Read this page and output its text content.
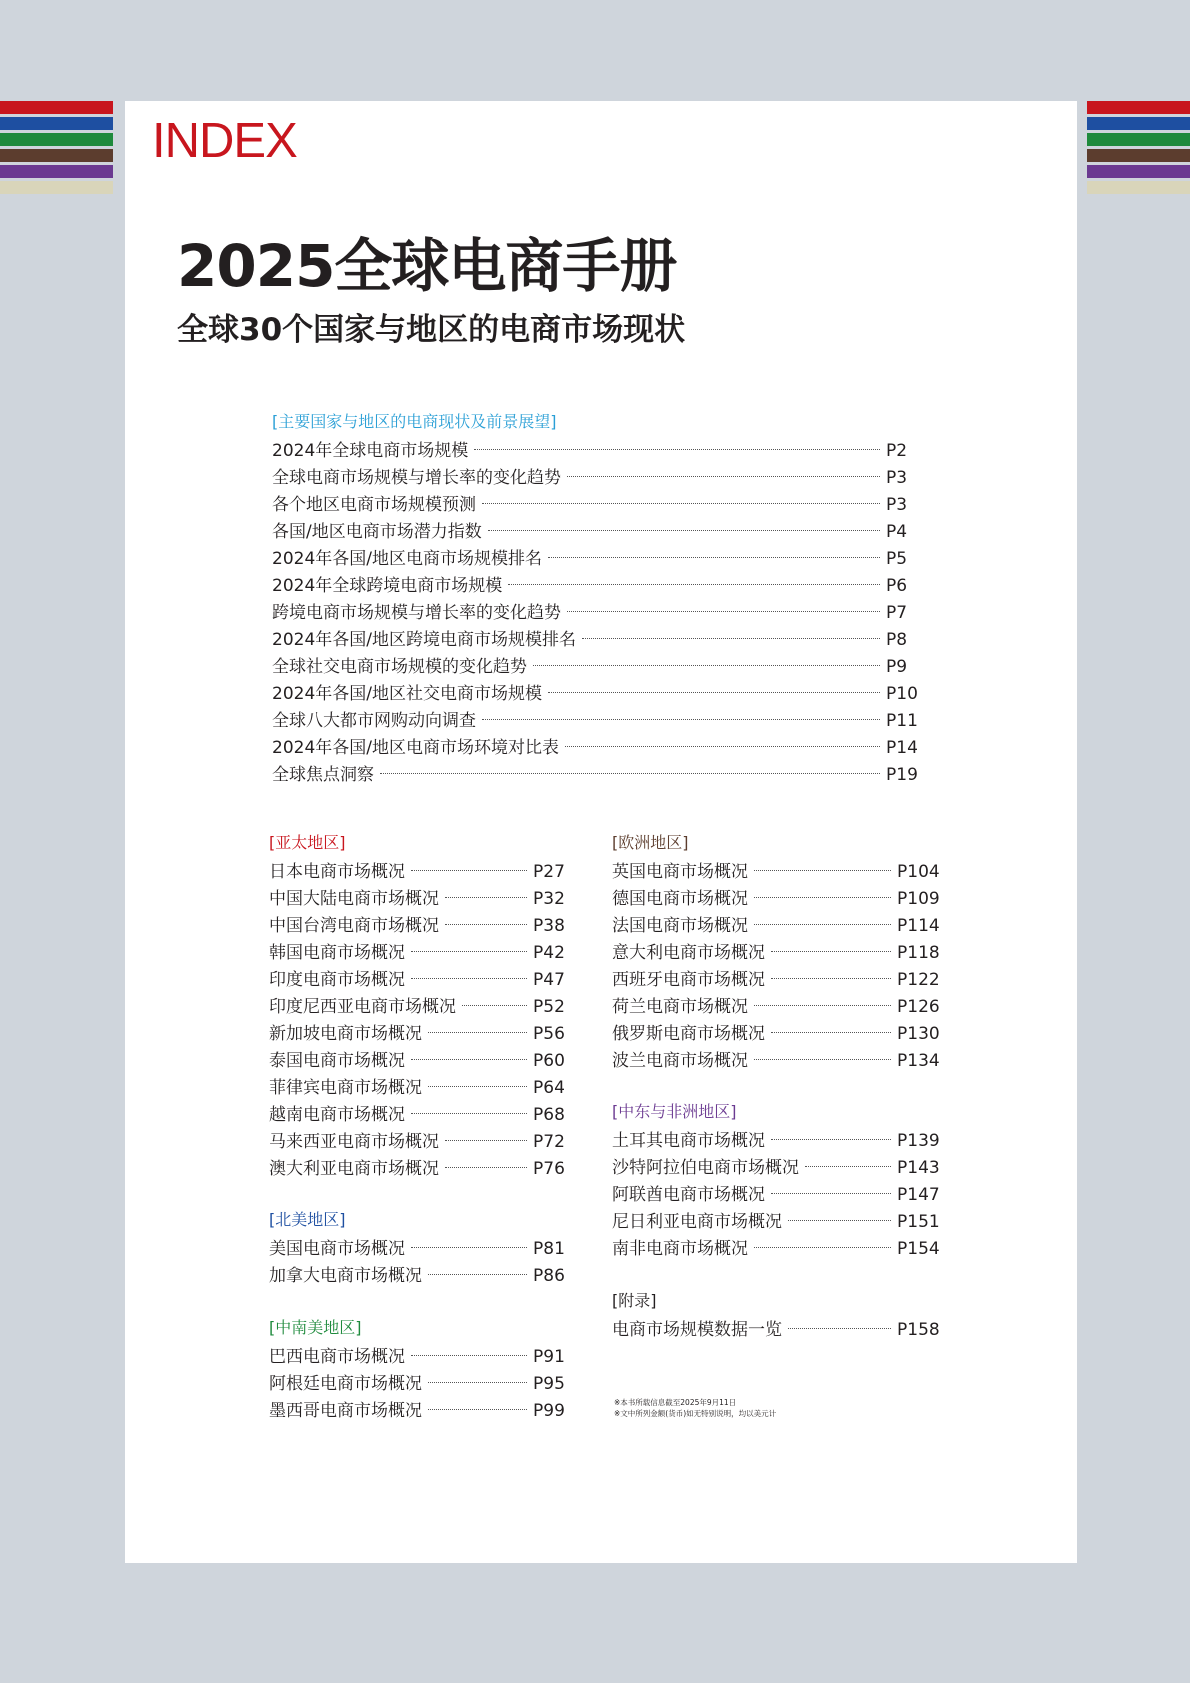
INDEX
2025全球电商手册
全球30个国家与地区的电商市场现状
[主要国家与地区的电商现状及前景展望]
2024年全球电商市场规模	P2
全球电商市场规模与增长率的变化趋势	P3
各个地区电商市场规模预测	P3
各国/地区电商市场潜力指数	P4
2024年各国/地区电商市场规模排名	P5
2024年全球跨境电商市场规模	P6
跨境电商市场规模与增长率的变化趋势	P7
2024年各国/地区跨境电商市场规模排名	P8
全球社交电商市场规模的变化趋势	P9
2024年各国/地区社交电商市场规模	P10
全球八大都市网购动向调查	P11
2024年各国/地区电商市场环境对比表	P14
全球焦点洞察	P19
[亚太地区]
日本电商市场概况	P27
中国大陆电商市场概况	P32
中国台湾电商市场概况	P38
韩国电商市场概况	P42
印度电商市场概况	P47
印度尼西亚电商市场概况	P52
新加坡电商市场概况	P56
泰国电商市场概况	P60
菲律宾电商市场概况	P64
越南电商市场概况	P68
马来西亚电商市场概况	P72
澳大利亚电商市场概况	P76
[北美地区]
美国电商市场概况	P81
加拿大电商市场概况	P86
[中南美地区]
巴西电商市场概况	P91
阿根廷电商市场概况	P95
墨西哥电商市场概况	P99
[欧洲地区]
英国电商市场概况	P104
德国电商市场概况	P109
法国电商市场概况	P114
意大利电商市场概况	P118
西班牙电商市场概况	P122
荷兰电商市场概况	P126
俄罗斯电商市场概况	P130
波兰电商市场概况	P134
[中东与非洲地区]
土耳其电商市场概况	P139
沙特阿拉伯电商市场概况	P143
阿联酋电商市场概况	P147
尼日利亚电商市场概况	P151
南非电商市场概况	P154
[附录]
电商市场规模数据一览	P158
※本书所载信息截至2025年9月11日
※文中所列金额(货币)如无特别说明，均以美元计
